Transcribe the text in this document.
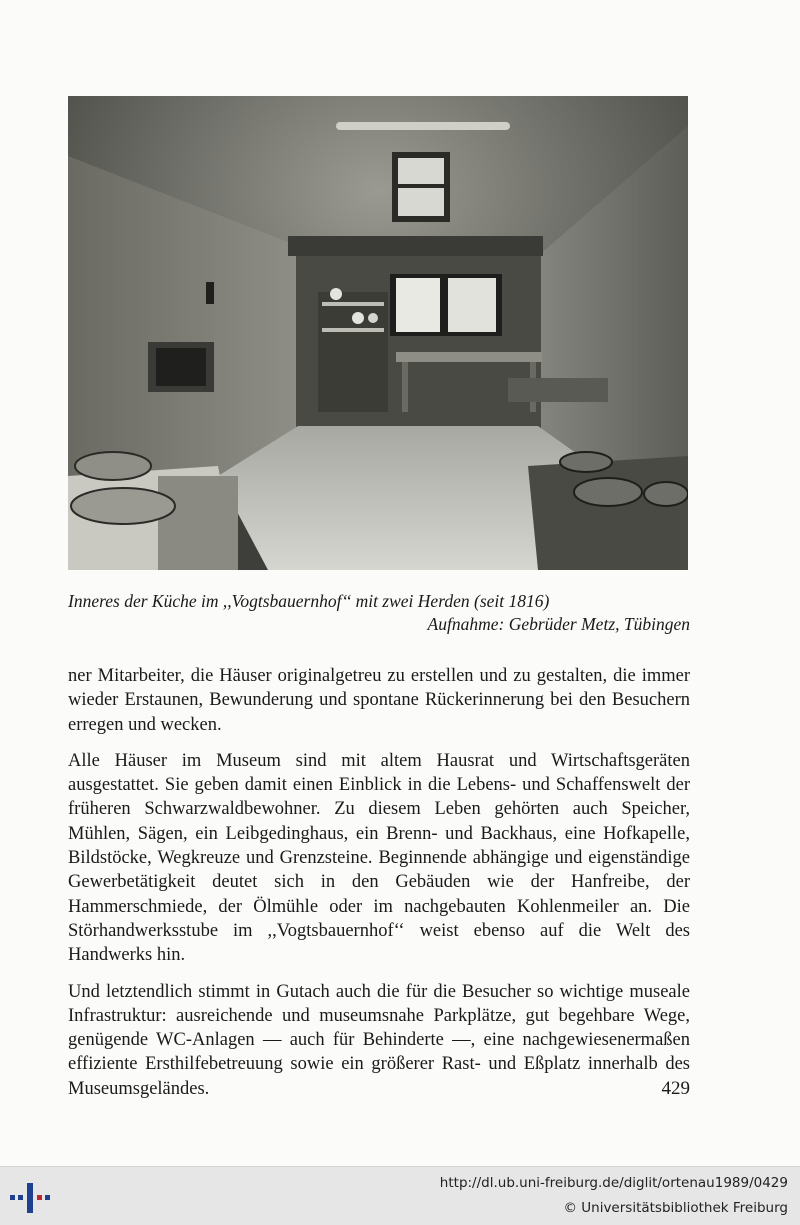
Inneres der Küche im ,,Vogtsbauernhof‘‘ mit zwei Herden (seit 1816)
Aufnahme: Gebrüder Metz, Tübingen

ner Mitarbeiter, die Häuser originalgetreu zu erstellen und zu gestalten, die immer wieder Erstaunen, Bewunderung und spontane Rückerinnerung bei den Besuchern erregen und wecken.

Alle Häuser im Museum sind mit altem Hausrat und Wirtschaftsgeräten ausgestattet. Sie geben damit einen Einblick in die Lebens- und Schaffenswelt der früheren Schwarzwaldbewohner. Zu diesem Leben gehörten auch Speicher, Mühlen, Sägen, ein Leibgedinghaus, ein Brenn- und Backhaus, eine Hofkapelle, Bildstöcke, Wegkreuze und Grenzsteine. Beginnende abhängige und eigenständige Gewerbetätigkeit deutet sich in den Gebäuden wie der Hanfreibe, der Hammerschmiede, der Ölmühle oder im nachgebauten Kohlenmeiler an. Die Störhandwerksstube im ,,Vogtsbauernhof‘‘ weist ebenso auf die Welt des Handwerks hin.

Und letztendlich stimmt in Gutach auch die für die Besucher so wichtige museale Infrastruktur: ausreichende und museumsnahe Parkplätze, gut begehbare Wege, genügende WC-Anlagen — auch für Behinderte —, eine nachgewiesenermaßen effiziente Ersthilfebetreuung sowie ein größerer Rast- und Eßplatz innerhalb des Museumsgeländes.	429
http://dl.ub.uni-freiburg.de/diglit/ortenau1989/0429
© Universitätsbibliothek Freiburg
